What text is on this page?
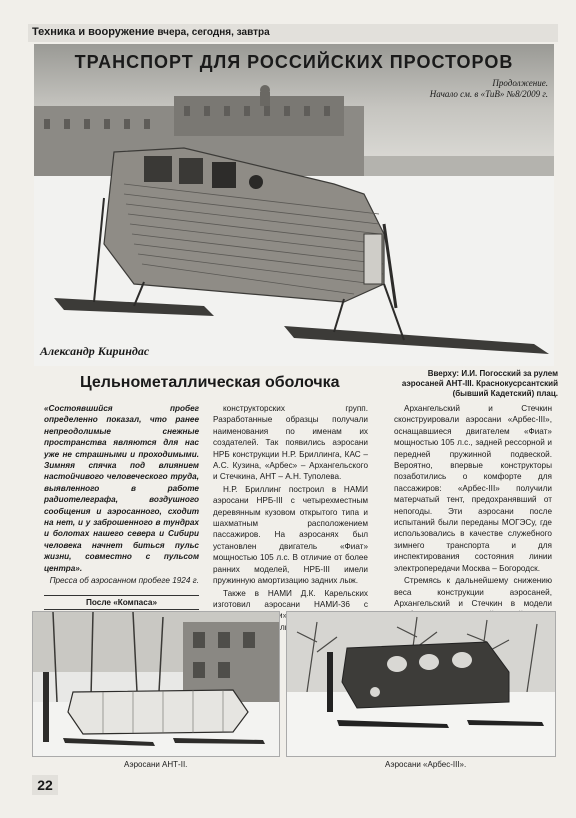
Техника и вооружение вчера, сегодня, завтра
ТРАНСПОРТ ДЛЯ РОССИЙСКИХ ПРОСТОРОВ
Продолжение.
Начало см. в «ТиВ» №8/2009 г.
Александр Кириндас
Вверху: И.И. Погосский за рулем
аэросаней АНТ-III. Краснокусрсантский
(бывший Кадетский) плац.
Цельнометаллическая оболочка
«Состоявшийся пробег определенно показал, что ранее непреодолимые снежные пространства являются для нас уже не страшными и проходимыми. Зимняя спячка под влиянием настойчивого человеческого труда, выявленного в работе радиотелеграфа, воздушного сообщения и аэросанного, сходит на нет, и у заброшенного в тундрах и болотах нашего севера и Сибири человека начнет биться пульс жизни, совместно с пульсом центра».
Пресса об аэросанном пробеге 1924 г.
После «Компаса»

конструкторских групп. Разработанные образцы получали наименования по именам их создателей. Так появились аэросани НРБ конструкции Н.Р. Бриллинга, КАС – А.С. Кузина, «Арбес» – Архангельского и Стечкина, АНТ – А.Н. Туполева.

Н.Р. Бриллинг построил в НАМИ аэросани НРБ-III с четырехместным деревянным кузовом открытого типа и шахматным расположением пассажиров. На аэросанях был установлен двигатель «Фиат» мощностью 105 л.с. В отличие от более ранних моделей, НРБ-III имели пружинную амортизацию задних лыж.

Также в НАМИ Д.К. Карельских изготовил аэросани НАМИ-36 с

Архангельский и Стечкин сконструировали аэросани «Арбес-III», оснащавшиеся двигателем «Фиат» мощностью 105 л.с., задней рессорной и передней пружинной подвеской. Вероятно, впервые конструкторы позаботились о комфорте для пассажиров: «Арбес-III» получили матерчатый тент, предохранявший от непогоды. Эти аэросани после испытаний были переданы МОГЭСу, где использовались в качестве служебного зимнего транспорта и для инспектирования состояния линии электропередачи Москва – Богородск.

Стремясь к дальнейшему снижению веса конструкции аэросаней, Архангельский и Стечкин в модели

Аэросани АНТ-II.	Аэросани «Арбес-III».
22
